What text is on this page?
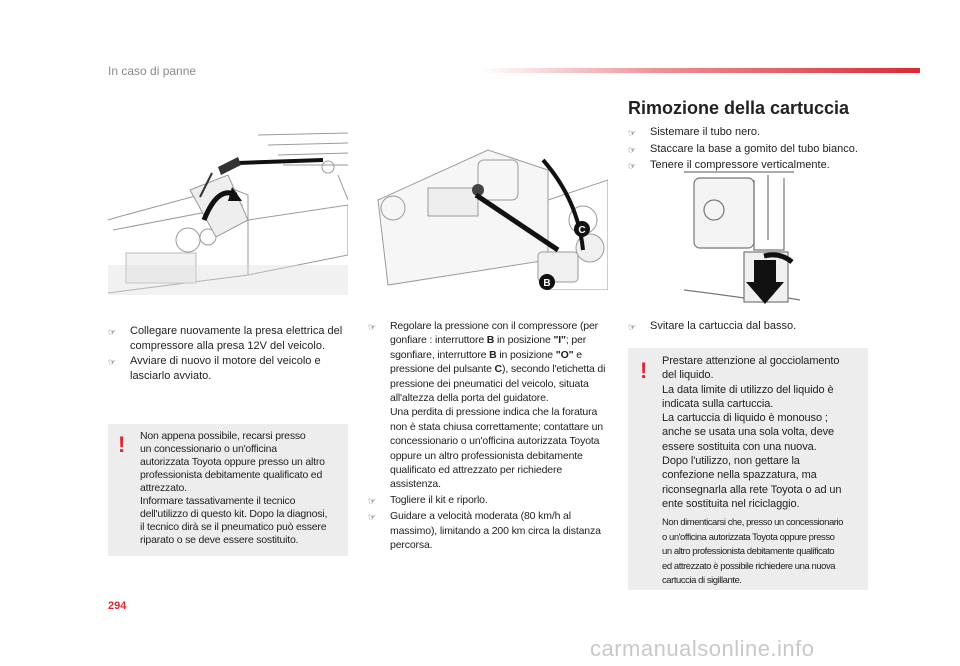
In caso di panne
C
B
☞	Collegare nuovamente la presa elettrica del compressore alla presa 12V del veicolo.
☞	Avviare di nuovo il motore del veicolo e lasciarlo avviato.
! Non appena possibile, recarsi presso
un concessionario o un'officina
autorizzata Toyota oppure presso un altro
professionista debitamente qualificato ed
attrezzato.
Informare tassativamente il tecnico
dell'utilizzo di questo kit. Dopo la diagnosi,
il tecnico dirà se il pneumatico può essere
riparato o se deve essere sostituito.
☞	Regolare la pressione con il compressore (per gonfiare : interruttore B in posizione "I"; per sgonfiare, interruttore B in posizione "O" e pressione del pulsante C), secondo l'etichetta di pressione dei pneumatici del veicolo, situata all'altezza della porta del guidatore.
Una perdita di pressione indica che la foratura non è stata chiusa correttamente; contattare un concessionario o un'officina autorizzata Toyota oppure un altro professionista debitamente qualificato ed attrezzato per richiedere assistenza.
☞	Togliere il kit e riporlo.
☞	Guidare a velocità moderata (80 km/h al massimo), limitando a 200 km circa la distanza percorsa.
Rimozione della cartuccia
☞	Sistemare il tubo nero.
☞	Staccare la base a gomito del tubo bianco.
☞	Tenere il compressore verticalmente.
☞	Svitare la cartuccia dal basso.
! Prestare attenzione al gocciolamento
del liquido.
La data limite di utilizzo del liquido è
indicata sulla cartuccia.
La cartuccia di liquido è monouso ;
anche se usata una sola volta, deve
essere sostituita con una nuova.
Dopo l'utilizzo, non gettare la
confezione nella spazzatura, ma
riconsegnarla alla rete Toyota o ad un
ente sostituita nel riciclaggio.
Non dimenticarsi che, presso un concessionario
o un'officina autorizzata Toyota oppure presso
un altro professionista debitamente qualificato
ed attrezzato è possibile richiedere una nuova
cartuccia di sigillante.
294
carmanualsonline.info
